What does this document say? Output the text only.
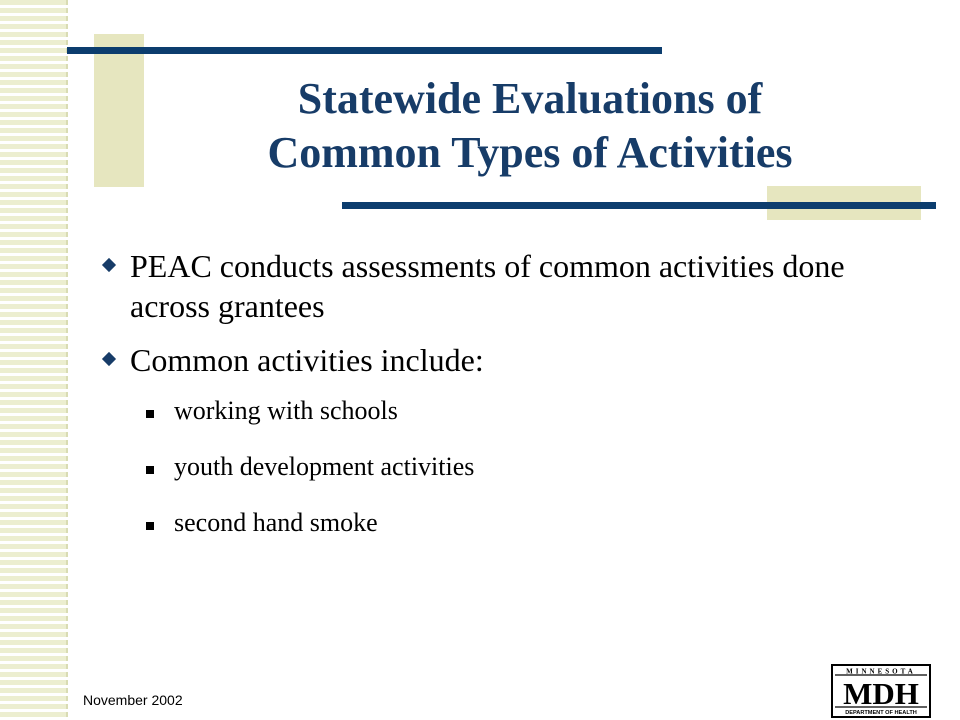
Statewide Evaluations of
Common Types of Activities
PEAC conducts assessments of common activities done across grantees
Common activities include:
working with schools
youth development activities
second hand smoke
November 2002
MINNESOTA
MDH
DEPARTMENT OF HEALTH
